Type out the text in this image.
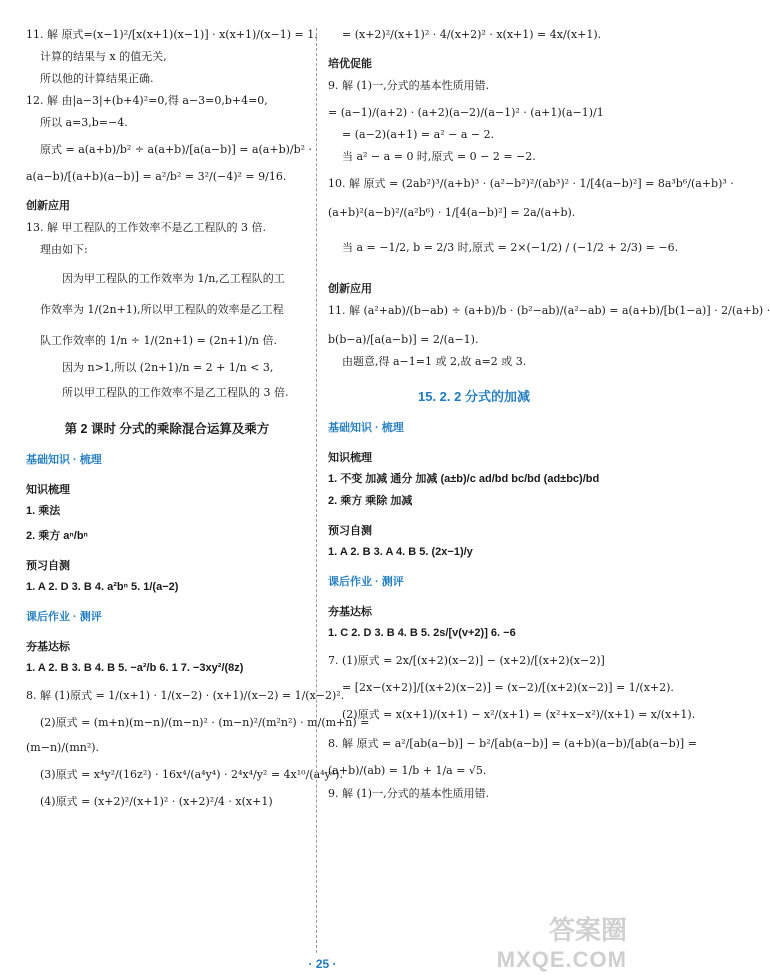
11. 解 原式=(x−1)²/[x(x+1)(x−1)] · x(x+1)/(x−1) = 1.
计算的结果与 x 的值无关,
所以他的计算结果正确.
12. 解 由|a−3|+(b+4)²=0,得 a−3=0,b+4=0,
所以 a=3,b=−4.
原式 = a(a+b)/b² ÷ a(a+b)/[a(a−b)] = a(a+b)/b² ·
a(a−b)/[(a+b)(a−b)] = a²/b² = 3²/(−4)² = 9/16.
创新应用
13. 解 甲工程队的工作效率不是乙工程队的 3 倍.
理由如下:
因为甲工程队的工作效率为 1/n,乙工程队的工
作效率为 1/(2n+1),所以甲工程队的效率是乙工程
队工作效率的 1/n ÷ 1/(2n+1) = (2n+1)/n 倍.
因为 n>1,所以 (2n+1)/n = 2 + 1/n < 3,
所以甲工程队的工作效率不是乙工程队的 3 倍.
第 2 课时 分式的乘除混合运算及乘方
基础知识 · 梳理
知识梳理
1. 乘法
2. 乘方 aⁿ/bⁿ
预习自测
1. A 2. D 3. B 4. a²bⁿ 5. 1/(a−2)
课后作业 · 测评
夯基达标
1. A 2. B 3. B 4. B 5. −a²/b 6. 1 7. −3xy²/(8z)
8. 解 (1)原式 = 1/(x+1) · 1/(x−2) · (x+1)/(x−2) = 1/(x−2)².
(2)原式 = (m+n)(m−n)/(m−n)² · (m−n)²/(m²n²) · m/(m+n) =
(m−n)/(mn²).
(3)原式 = x⁴y²/(16z²) · 16x⁴/(a⁴y⁴) · 2⁴x⁴/y² = 4x¹⁰/(a⁴y⁴).
(4)原式 = (x+2)²/(x+1)² · (x+2)²/4 · x(x+1)
= (x+2)²/(x+1)² · 4/(x+2)² · x(x+1) = 4x/(x+1).
培优促能
9. 解 (1)一,分式的基本性质用错.
= (a−1)/(a+2) · (a+2)(a−2)/(a−1)² · (a+1)(a−1)/1
= (a−2)(a+1) = a² − a − 2.
当 a² − a = 0 时,原式 = 0 − 2 = −2.
10. 解 原式 = (2ab²)³/(a+b)³ · (a²−b²)²/(ab³)² · 1/[4(a−b)²] = 8a³b⁶/(a+b)³ ·
(a+b)²(a−b)²/(a²b⁶) · 1/[4(a−b)²] = 2a/(a+b).
当 a = −1/2, b = 2/3 时,原式 = 2×(−1/2) / (−1/2 + 2/3) = −6.
创新应用
11. 解 (a²+ab)/(b−ab) ÷ (a+b)/b · (b²−ab)/(a²−ab) = a(a+b)/[b(1−a)] · 2/(a+b) ·
b(b−a)/[a(a−b)] = 2/(a−1).
由题意,得 a−1=1 或 2,故 a=2 或 3.
15. 2. 2 分式的加减
基础知识 · 梳理
知识梳理
1. 不变 加减 通分 加减 (a±b)/c ad/bd bc/bd (ad±bc)/bd
2. 乘方 乘除 加减
预习自测
1. A 2. B 3. A 4. B 5. (2x−1)/y
课后作业 · 测评
夯基达标
1. C 2. D 3. B 4. B 5. 2s/[v(v+2)] 6. −6
7. (1)原式 = 2x/[(x+2)(x−2)] − (x+2)/[(x+2)(x−2)]
= [2x−(x+2)]/[(x+2)(x−2)] = (x−2)/[(x+2)(x−2)] = 1/(x+2).
(2)原式 = x(x+1)/(x+1) − x²/(x+1) = (x²+x−x²)/(x+1) = x/(x+1).
8. 解 原式 = a²/[ab(a−b)] − b²/[ab(a−b)] = (a+b)(a−b)/[ab(a−b)] =
(a+b)/(ab) = 1/b + 1/a = √5.
9. 解 (1)一,分式的基本性质用错.
· 25 ·
答案圈
MXQE.COM
